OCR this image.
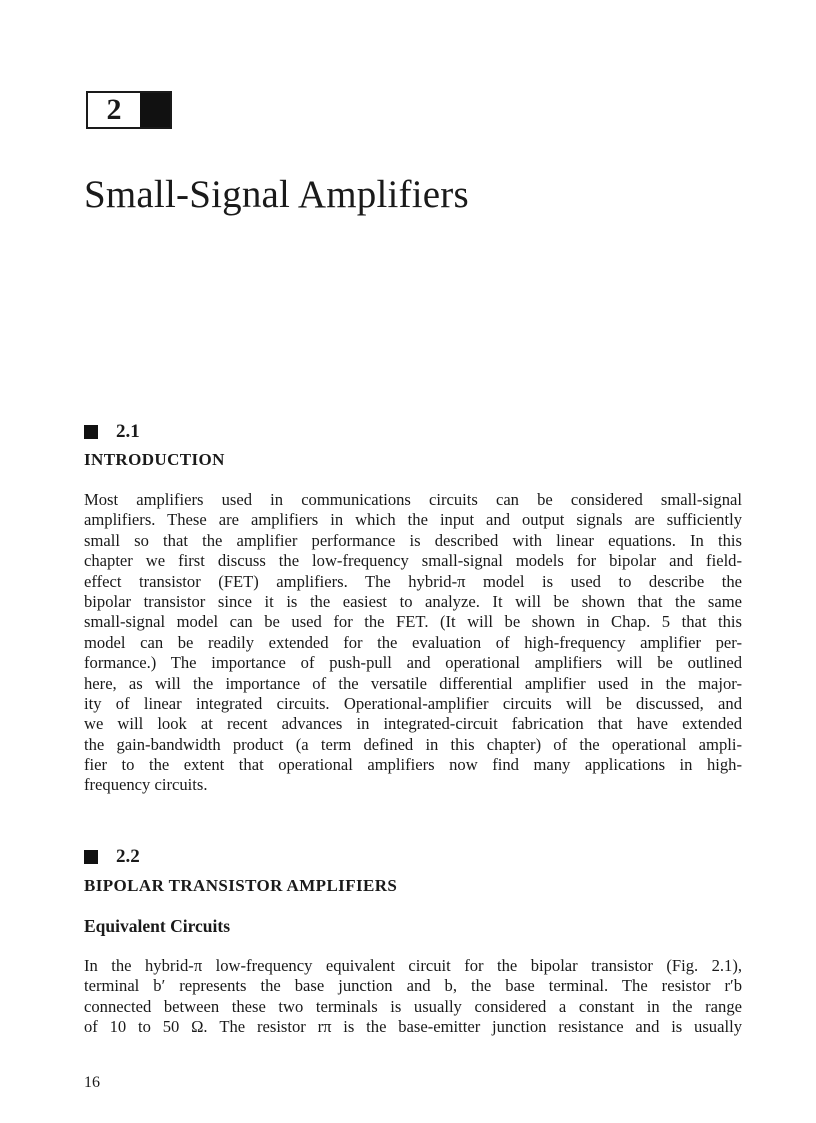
2
Small-Signal Amplifiers
2.1
INTRODUCTION
Most amplifiers used in communications circuits can be considered small-signal
amplifiers. These are amplifiers in which the input and output signals are sufficiently
small so that the amplifier performance is described with linear equations. In this
chapter we first discuss the low-frequency small-signal models for bipolar and field-
effect transistor (FET) amplifiers. The hybrid-π model is used to describe the
bipolar transistor since it is the easiest to analyze. It will be shown that the same
small-signal model can be used for the FET. (It will be shown in Chap. 5 that this
model can be readily extended for the evaluation of high-frequency amplifier per-
formance.) The importance of push-pull and operational amplifiers will be outlined
here, as will the importance of the versatile differential amplifier used in the major-
ity of linear integrated circuits. Operational-amplifier circuits will be discussed, and
we will look at recent advances in integrated-circuit fabrication that have extended
the gain-bandwidth product (a term defined in this chapter) of the operational ampli-
fier to the extent that operational amplifiers now find many applications in high-
frequency circuits.
2.2
BIPOLAR TRANSISTOR AMPLIFIERS
Equivalent Circuits
In the hybrid-π low-frequency equivalent circuit for the bipolar transistor (Fig. 2.1),
terminal b′ represents the base junction and b, the base terminal. The resistor r′b
connected between these two terminals is usually considered a constant in the range
of 10 to 50 Ω. The resistor rπ is the base-emitter junction resistance and is usually
16
